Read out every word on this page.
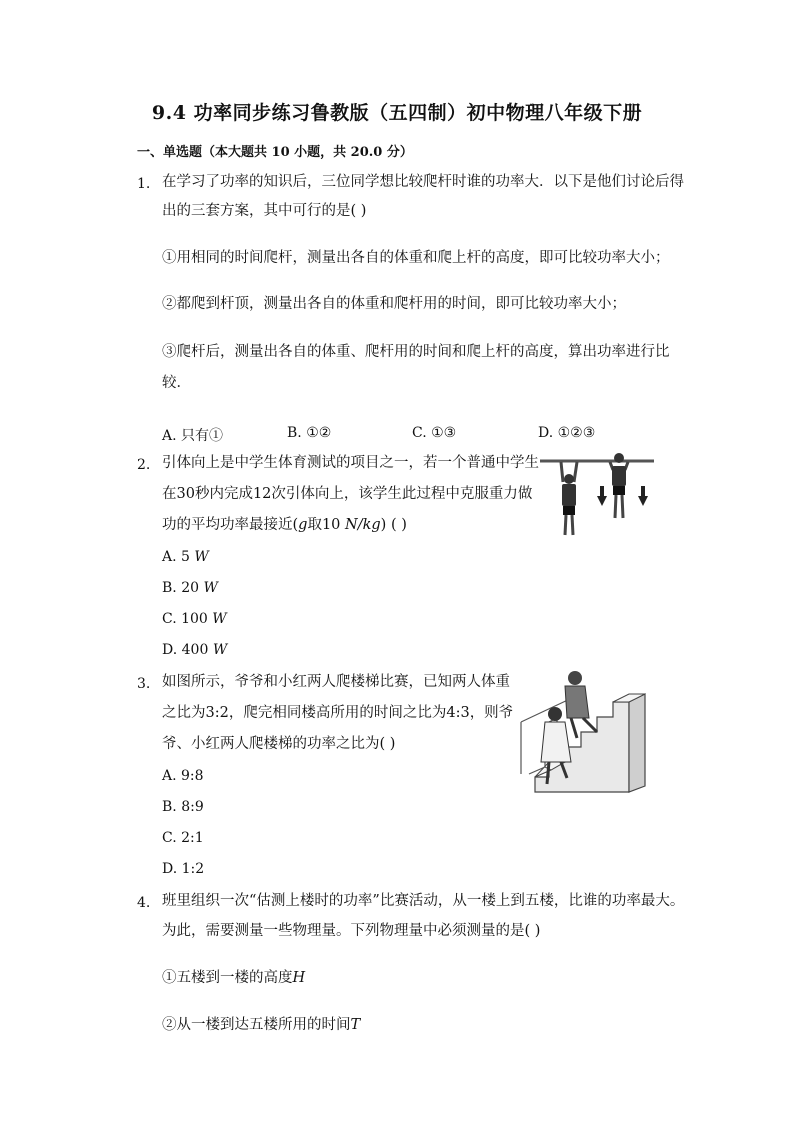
9.4 功率同步练习鲁教版（五四制）初中物理八年级下册
一、单选题（本大题共 10 小题，共 20.0 分）
1. 在学习了功率的知识后，三位同学想比较爬杆时谁的功率大．以下是他们讨论后得
出的三套方案，其中可行的是( )
①用相同的时间爬杆，测量出各自的体重和爬上杆的高度，即可比较功率大小；
②都爬到杆顶，测量出各自的体重和爬杆用的时间，即可比较功率大小；
③爬杆后，测量出各自的体重、爬杆用的时间和爬上杆的高度，算出功率进行比
较．
A. 只有①	B. ①②	C. ①③	D. ①②③
2. 引体向上是中学生体育测试的项目之一，若一个普通中学生
在30秒内完成12次引体向上，该学生此过程中克服重力做
功的平均功率最接近(g取10 N/kg) ( )
A. 5 W
B. 20 W
C. 100 W
D. 400 W
3. 如图所示，爷爷和小红两人爬楼梯比赛，已知两人体重
之比为3:2，爬完相同楼高所用的时间之比为4:3，则爷
爷、小红两人爬楼梯的功率之比为( )
A. 9:8
B. 8:9
C. 2:1
D. 1:2
4. 班里组织一次“估测上楼时的功率”比赛活动，从一楼上到五楼，比谁的功率最大。
为此，需要测量一些物理量。下列物理量中必须测量的是( )
①五楼到一楼的高度H
②从一楼到达五楼所用的时间T
